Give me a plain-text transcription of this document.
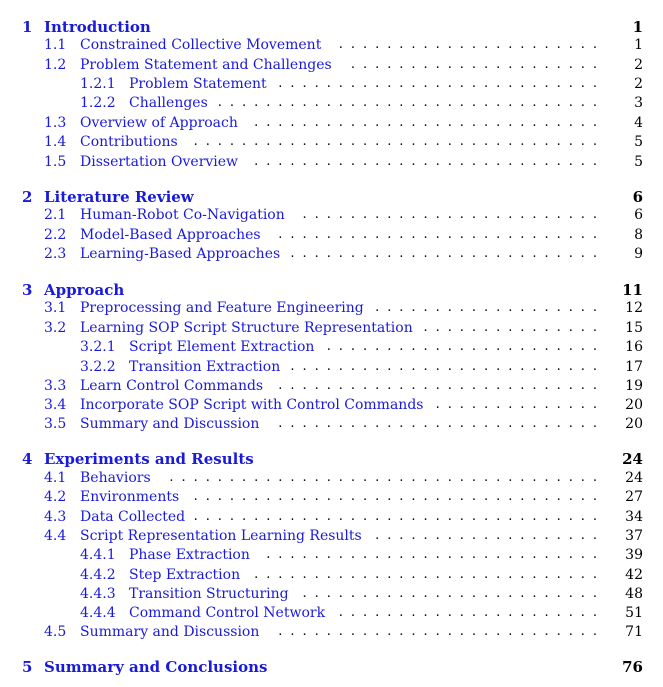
1 Introduction	1
1.1 Constrained Collective Movement	1
. . . . . . . . . . . . . . . . . . . . . .
1.2 Problem Statement and Challenges	2
. . . . . . . . . . . . . . . . . . . . .
1.2.1 Problem Statement	2
. . . . . . . . . . . . . . . . . . . . . . . . . . .
1.2.2 Challenges	3
. . . . . . . . . . . . . . . . . . . . . . . . . . . . . . . .
1.3 Overview of Approach	4
. . . . . . . . . . . . . . . . . . . . . . . . . . . . .
1.4 Contributions	5
. . . . . . . . . . . . . . . . . . . . . . . . . . . . . . . . . .
1.5 Dissertation Overview	5
. . . . . . . . . . . . . . . . . . . . . . . . . . . . .
2 Literature Review	6
2.1 Human-Robot Co-Navigation	6
. . . . . . . . . . . . . . . . . . . . . . . . .
2.2 Model-Based Approaches	8
. . . . . . . . . . . . . . . . . . . . . . . . . . .
2.3 Learning-Based Approaches	9
. . . . . . . . . . . . . . . . . . . . . . . . . .
3 Approach	11
3.1 Preprocessing and Feature Engineering	12
. . . . . . . . . . . . . . . . . . .
3.2 Learning SOP Script Structure Representation	15
. . . . . . . . . . . . . . .
3.2.1 Script Element Extraction	16
. . . . . . . . . . . . . . . . . . . . . . .
3.2.2 Transition Extraction	17
. . . . . . . . . . . . . . . . . . . . . . . . . .
3.3 Learn Control Commands	19
. . . . . . . . . . . . . . . . . . . . . . . . . . .
3.4 Incorporate SOP Script with Control Commands	20
. . . . . . . . . . . . . .
3.5 Summary and Discussion	20
. . . . . . . . . . . . . . . . . . . . . . . . . . .
4 Experiments and Results	24
4.1 Behaviors	24
. . . . . . . . . . . . . . . . . . . . . . . . . . . . . . . . . . . .
4.2 Environments	27
. . . . . . . . . . . . . . . . . . . . . . . . . . . . . . . . . .
4.3 Data Collected	34
. . . . . . . . . . . . . . . . . . . . . . . . . . . . . . . . . .
4.4 Script Representation Learning Results	37
. . . . . . . . . . . . . . . . . . .
4.4.1 Phase Extraction	39
. . . . . . . . . . . . . . . . . . . . . . . . . . . .
4.4.2 Step Extraction	42
. . . . . . . . . . . . . . . . . . . . . . . . . . . . .
4.4.3 Transition Structuring	48
. . . . . . . . . . . . . . . . . . . . . . . . .
4.4.4 Command Control Network	51
. . . . . . . . . . . . . . . . . . . . . .
4.5 Summary and Discussion	71
. . . . . . . . . . . . . . . . . . . . . . . . . . .
5 Summary and Conclusions	76
